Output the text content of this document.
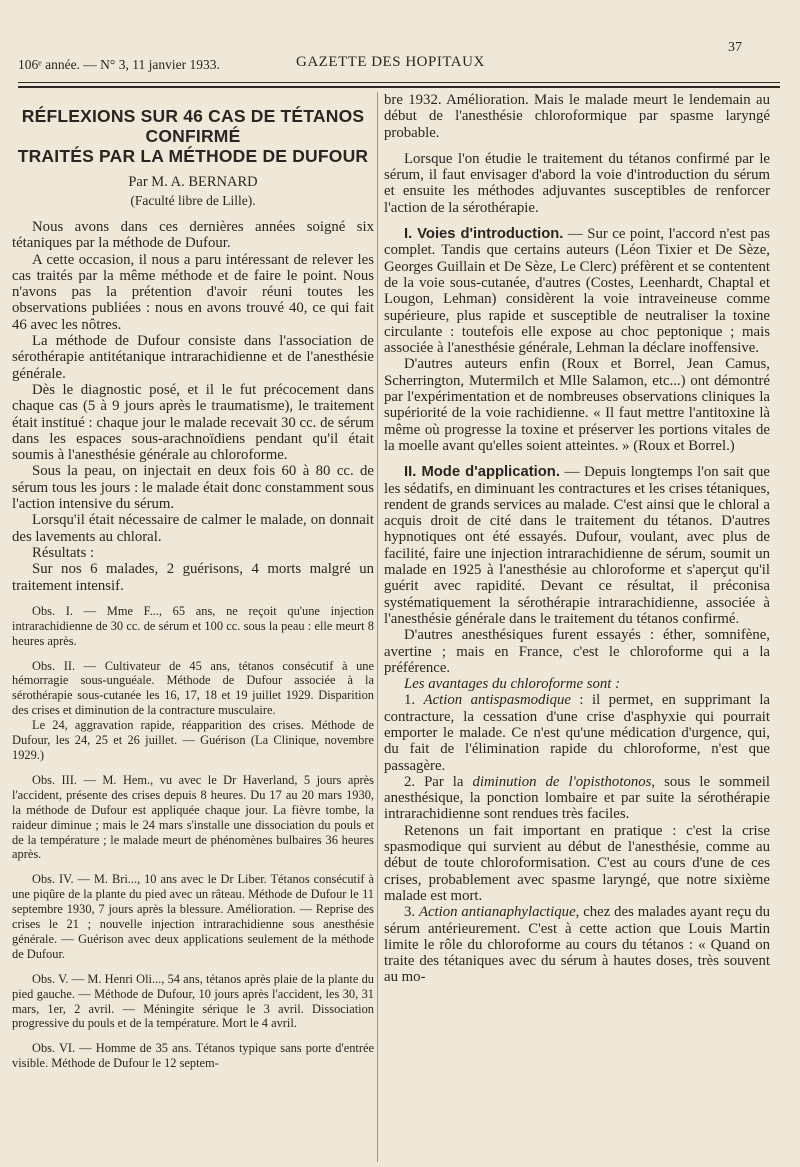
106ᵉ année. — N° 3, 11 janvier 1933.	GAZETTE DES HOPITAUX
37
RÉFLEXIONS SUR 46 CAS DE TÉTANOS CONFIRMÉ
TRAITÉS PAR LA MÉTHODE DE DUFOUR
Par M. A. BERNARD
(Faculté libre de Lille).

Nous avons dans ces dernières années soigné six tétaniques par la méthode de Dufour.

A cette occasion, il nous a paru intéressant de relever les cas traités par la même méthode et de faire le point. Nous n'avons pas la prétention d'avoir réuni toutes les observations publiées : nous en avons trouvé 40, ce qui fait 46 avec les nôtres.

La méthode de Dufour consiste dans l'association de sérothérapie antitétanique intrarachidienne et de l'anesthésie générale.

Dès le diagnostic posé, et il le fut précocement dans chaque cas (5 à 9 jours après le traumatisme), le traitement était institué : chaque jour le malade recevait 30 cc. de sérum dans les espaces sous-arachnoïdiens pendant qu'il était soumis à l'anesthésie générale au chloroforme.

Sous la peau, on injectait en deux fois 60 à 80 cc. de sérum tous les jours : le malade était donc constamment sous l'action intensive du sérum.

Lorsqu'il était nécessaire de calmer le malade, on donnait des lavements au chloral.

Résultats :

Sur nos 6 malades, 2 guérisons, 4 morts malgré un traitement intensif.

Obs. I. — Mme F..., 65 ans, ne reçoit qu'une injection intrarachidienne de 30 cc. de sérum et 100 cc. sous la peau : elle meurt 8 heures après.

Obs. II. — Cultivateur de 45 ans, tétanos consécutif à une hémorragie sous-unguéale. Méthode de Dufour associée à la sérothérapie sous-cutanée les 16, 17, 18 et 19 juillet 1929. Disparition des crises et diminution de la contracture musculaire.

Le 24, aggravation rapide, réapparition des crises. Méthode de Dufour, les 24, 25 et 26 juillet. — Guérison (La Clinique, novembre 1929.)

Obs. III. — M. Hem., vu avec le Dr Haverland, 5 jours après l'accident, présente des crises depuis 8 heures. Du 17 au 20 mars 1930, la méthode de Dufour est appliquée chaque jour. La fièvre tombe, la raideur diminue ; mais le 24 mars s'installe une dissociation du pouls et de la température ; le malade meurt de phénomènes bulbaires 36 heures après.

Obs. IV. — M. Bri..., 10 ans avec le Dr Liber. Tétanos consécutif à une piqûre de la plante du pied avec un râteau. Méthode de Dufour le 11 septembre 1930, 7 jours après la blessure. Amélioration. — Reprise des crises le 21 ; nouvelle injection intrarachidienne sous anesthésie générale. — Guérison avec deux applications seulement de la méthode de Dufour.

Obs. V. — M. Henri Oli..., 54 ans, tétanos après plaie de la plante du pied gauche. — Méthode de Dufour, 10 jours après l'accident, les 30, 31 mars, 1er, 2 avril. — Méningite sérique le 3 avril. Dissociation progressive du pouls et de la température. Mort le 4 avril.

Obs. VI. — Homme de 35 ans. Tétanos typique sans porte d'entrée visible. Méthode de Dufour le 12 septem-

bre 1932. Amélioration. Mais le malade meurt le lendemain au début de l'anesthésie chloroformique par spasme laryngé probable.

Lorsque l'on étudie le traitement du tétanos confirmé par le sérum, il faut envisager d'abord la voie d'introduction du sérum et ensuite les méthodes adjuvantes susceptibles de renforcer l'action de la sérothérapie.

I. Voies d'introduction. — Sur ce point, l'accord n'est pas complet. Tandis que certains auteurs (Léon Tixier et De Sèze, Georges Guillain et De Sèze, Le Clerc) préfèrent et se contentent de la voie sous-cutanée, d'autres (Costes, Leenhardt, Chaptal et Lougon, Lehman) considèrent la voie intraveineuse comme supérieure, plus rapide et susceptible de neutraliser la toxine circulante : toutefois elle expose au choc peptonique ; mais associée à l'anesthésie générale, Lehman la déclare inoffensive.

D'autres auteurs enfin (Roux et Borrel, Jean Camus, Scherrington, Mutermilch et Mlle Salamon, etc...) ont démontré par l'expérimentation et de nombreuses observations cliniques la supériorité de la voie rachidienne. « Il faut mettre l'antitoxine là même où progresse la toxine et préserver les portions vitales de la moelle avant qu'elles soient atteintes. » (Roux et Borrel.)

II. Mode d'application. — Depuis longtemps l'on sait que les sédatifs, en diminuant les contractures et les crises tétaniques, rendent de grands services au malade. C'est ainsi que le chloral a acquis droit de cité dans le traitement du tétanos. D'autres hypnotiques ont été essayés. Dufour, voulant, avec plus de facilité, faire une injection intrarachidienne de sérum, soumit un malade en 1925 à l'anesthésie au chloroforme et s'aperçut qu'il guérit avec rapidité. Devant ce résultat, il préconisa systématiquement la sérothérapie intrarachidienne, associée à l'anesthésie générale dans le traitement du tétanos confirmé.

D'autres anesthésiques furent essayés : éther, somnifène, avertine ; mais en France, c'est le chloroforme qui a la préférence.

Les avantages du chloroforme sont :

1. Action antispasmodique : il permet, en supprimant la contracture, la cessation d'une crise d'asphyxie qui pourrait emporter le malade. Ce n'est qu'une médication d'urgence, qui, du fait de l'élimination rapide du chloroforme, n'est que passagère.

2. Par la diminution de l'opisthotonos, sous le sommeil anesthésique, la ponction lombaire et par suite la sérothérapie intrarachidienne sont rendues très faciles.

Retenons un fait important en pratique : c'est la crise spasmodique qui survient au début de l'anesthésie, comme au début de toute chloroformisation. C'est au cours d'une de ces crises, probablement avec spasme laryngé, que notre sixième malade est mort.

3. Action antianaphylactique, chez des malades ayant reçu du sérum antérieurement. C'est à cette action que Louis Martin limite le rôle du chloroforme au cours du tétanos : « Quand on traite des tétaniques avec du sérum à hautes doses, très souvent au mo-
